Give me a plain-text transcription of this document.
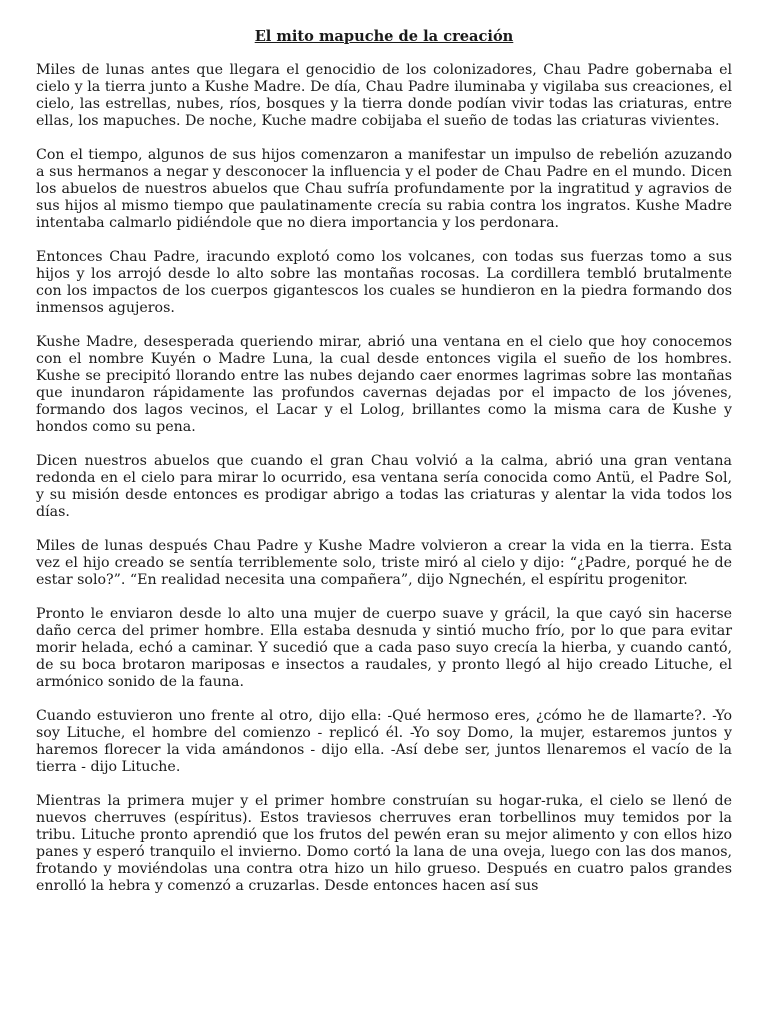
El mito mapuche de la creación

Miles de lunas antes que llegara el genocidio de los colonizadores, Chau Padre gobernaba el cielo y la tierra junto a Kushe Madre. De día, Chau Padre iluminaba y vigilaba sus creaciones, el cielo, las estrellas, nubes, ríos, bosques y la tierra donde podían vivir todas las criaturas, entre ellas, los mapuches. De noche, Kuche madre cobijaba el sueño de todas las criaturas vivientes.

Con el tiempo, algunos de sus hijos comenzaron a manifestar un impulso de rebelión azuzando a sus hermanos a negar y desconocer la influencia y el poder de Chau Padre en el mundo. Dicen los abuelos de nuestros abuelos que Chau sufría profundamente por la ingratitud y agravios de sus hijos al mismo tiempo que paulatinamente crecía su rabia contra los ingratos. Kushe Madre intentaba calmarlo pidiéndole que no diera importancia y los perdonara.

Entonces Chau Padre, iracundo explotó como los volcanes, con todas sus fuerzas tomo a sus hijos y los arrojó desde lo alto sobre las montañas rocosas. La cordillera tembló brutalmente con los impactos de los cuerpos gigantescos los cuales se hundieron en la piedra formando dos inmensos agujeros.

Kushe Madre, desesperada queriendo mirar, abrió una ventana en el cielo que hoy conocemos con el nombre Kuyén o Madre Luna, la cual desde entonces vigila el sueño de los hombres. Kushe se precipitó llorando entre las nubes dejando caer enormes lagrimas sobre las montañas que inundaron rápidamente las profundos cavernas dejadas por el impacto de los jóvenes, formando dos lagos vecinos, el Lacar y el Lolog, brillantes como la misma cara de Kushe y hondos como su pena.

Dicen nuestros abuelos que cuando el gran Chau volvió a la calma, abrió una gran ventana redonda en el cielo para mirar lo ocurrido, esa ventana sería conocida como Antü, el Padre Sol, y su misión desde entonces es prodigar abrigo a todas las criaturas y alentar la vida todos los días.

Miles de lunas después Chau Padre y Kushe Madre volvieron a crear la vida en la tierra. Esta vez el hijo creado se sentía terriblemente solo, triste miró al cielo y dijo: “¿Padre, porqué he de estar solo?”. “En realidad necesita una compañera”, dijo Ngnechén, el espíritu progenitor.

Pronto le enviaron desde lo alto una mujer de cuerpo suave y grácil, la que cayó sin hacerse daño cerca del primer hombre. Ella estaba desnuda y sintió mucho frío, por lo que para evitar morir helada, echó a caminar. Y sucedió que a cada paso suyo crecía la hierba, y cuando cantó, de su boca brotaron mariposas e insectos a raudales, y pronto llegó al hijo creado Lituche, el armónico sonido de la fauna.

Cuando estuvieron uno frente al otro, dijo ella: -Qué hermoso eres, ¿cómo he de llamarte?. -Yo soy Lituche, el hombre del comienzo - replicó él. -Yo soy Domo, la mujer, estaremos juntos y haremos florecer la vida amándonos - dijo ella. -Así debe ser, juntos llenaremos el vacío de la tierra - dijo Lituche.

Mientras la primera mujer y el primer hombre construían su hogar-ruka, el cielo se llenó de nuevos cherruves (espíritus). Estos traviesos cherruves eran torbellinos muy temidos por la tribu. Lituche pronto aprendió que los frutos del pewén eran su mejor alimento y con ellos hizo panes y esperó tranquilo el invierno. Domo cortó la lana de una oveja, luego con las dos manos, frotando y moviéndolas una contra otra hizo un hilo grueso. Después en cuatro palos grandes enrolló la hebra y comenzó a cruzarlas. Desde entonces hacen así sus
